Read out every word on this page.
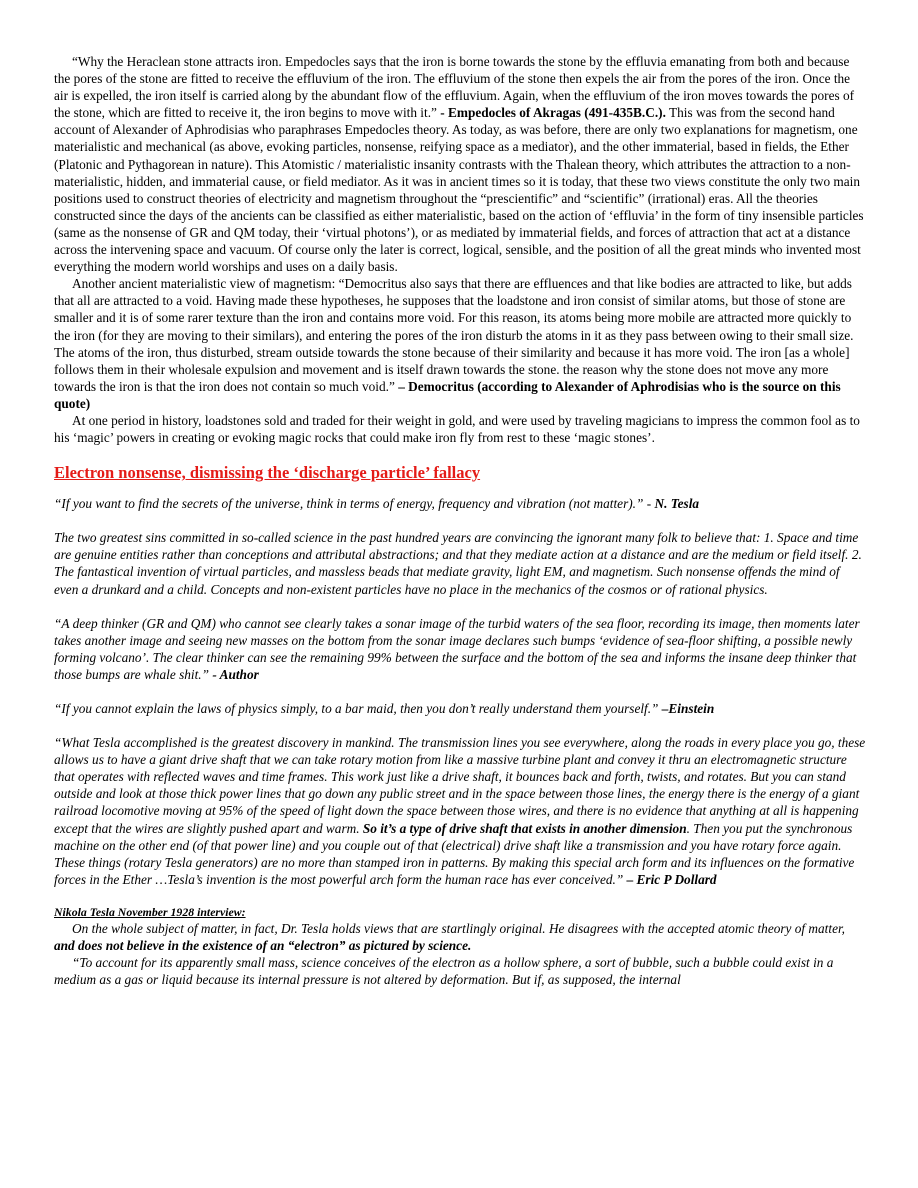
“Why the Heraclean stone attracts iron. Empedocles says that the iron is borne towards the stone by the effluvia emanating from both and because the pores of the stone are fitted to receive the effluvium of the iron. The effluvium of the stone then expels the air from the pores of the iron. Once the air is expelled, the iron itself is carried along by the abundant flow of the effluvium. Again, when the effluvium of the iron moves towards the pores of the stone, which are fitted to receive it, the iron begins to move with it.” - Empedocles of Akragas (491-435B.C.). This was from the second hand account of Alexander of Aphrodisias who paraphrases Empedocles theory. As today, as was before, there are only two explanations for magnetism, one materialistic and mechanical (as above, evoking particles, nonsense, reifying space as a mediator), and the other immaterial, based in fields, the Ether (Platonic and Pythagorean in nature). This Atomistic / materialistic insanity contrasts with the Thalean theory, which attributes the attraction to a non-materialistic, hidden, and immaterial cause, or field mediator. As it was in ancient times so it is today, that these two views constitute the only two main positions used to construct theories of electricity and magnetism throughout the “prescientific” and “scientific” (irrational) eras. All the theories constructed since the days of the ancients can be classified as either materialistic, based on the action of ‘effluvia’ in the form of tiny insensible particles (same as the nonsense of GR and QM today, their ‘virtual photons’), or as mediated by immaterial fields, and forces of attraction that act at a distance across the intervening space and vacuum. Of course only the later is correct, logical, sensible, and the position of all the great minds who invented most everything the modern world worships and uses on a daily basis.

Another ancient materialistic view of magnetism: “Democritus also says that there are effluences and that like bodies are attracted to like, but adds that all are attracted to a void. Having made these hypotheses, he supposes that the loadstone and iron consist of similar atoms, but those of stone are smaller and it is of some rarer texture than the iron and contains more void. For this reason, its atoms being more mobile are attracted more quickly to the iron (for they are moving to their similars), and entering the pores of the iron disturb the atoms in it as they pass between owing to their small size. The atoms of the iron, thus disturbed, stream outside towards the stone because of their similarity and because it has more void. The iron [as a whole] follows them in their wholesale expulsion and movement and is itself drawn towards the stone. the reason why the stone does not move any more towards the iron is that the iron does not contain so much void.” – Democritus (according to Alexander of Aphrodisias who is the source on this quote)

At one period in history, loadstones sold and traded for their weight in gold, and were used by traveling magicians to impress the common fool as to his ‘magic’ powers in creating or evoking magic rocks that could make iron fly from rest to these ‘magic stones’.

Electron nonsense, dismissing the ‘discharge particle’ fallacy

“If you want to find the secrets of the universe, think in terms of energy, frequency and vibration (not matter).” - N. Tesla

The two greatest sins committed in so-called science in the past hundred years are convincing the ignorant many folk to believe that: 1. Space and time are genuine entities rather than conceptions and attributal abstractions; and that they mediate action at a distance and are the medium or field itself. 2. The fantastical invention of virtual particles, and massless beads that mediate gravity, light EM, and magnetism. Such nonsense offends the mind of even a drunkard and a child. Concepts and non-existent particles have no place in the mechanics of the cosmos or of rational physics.

“A deep thinker (GR and QM) who cannot see clearly takes a sonar image of the turbid waters of the sea floor, recording its image, then moments later takes another image and seeing new masses on the bottom from the sonar image declares such bumps ‘evidence of sea-floor shifting, a possible newly forming volcano’. The clear thinker can see the remaining 99% between the surface and the bottom of the sea and informs the insane deep thinker that those bumps are whale shit.” - Author

“If you cannot explain the laws of physics simply, to a bar maid, then you don’t really understand them yourself.” –Einstein

“What Tesla accomplished is the greatest discovery in mankind. The transmission lines you see everywhere, along the roads in every place you go, these allows us to have a giant drive shaft that we can take rotary motion from like a massive turbine plant and convey it thru an electromagnetic structure that operates with reflected waves and time frames. This work just like a drive shaft, it bounces back and forth, twists, and rotates. But you can stand outside and look at those thick power lines that go down any public street and in the space between those lines, the energy there is the energy of a giant railroad locomotive moving at 95% of the speed of light down the space between those wires, and there is no evidence that anything at all is happening except that the wires are slightly pushed apart and warm. So it’s a type of drive shaft that exists in another dimension. Then you put the synchronous machine on the other end (of that power line) and you couple out of that (electrical) drive shaft like a transmission and you have rotary force again. These things (rotary Tesla generators) are no more than stamped iron in patterns. By making this special arch form and its influences on the formative forces in the Ether …Tesla’s invention is the most powerful arch form the human race has ever conceived.” – Eric P Dollard

Nikola Tesla November 1928 interview:

On the whole subject of matter, in fact, Dr. Tesla holds views that are startlingly original. He disagrees with the accepted atomic theory of matter, and does not believe in the existence of an “electron” as pictured by science.

“To account for its apparently small mass, science conceives of the electron as a hollow sphere, a sort of bubble, such a bubble could exist in a medium as a gas or liquid because its internal pressure is not altered by deformation. But if, as supposed, the internal
